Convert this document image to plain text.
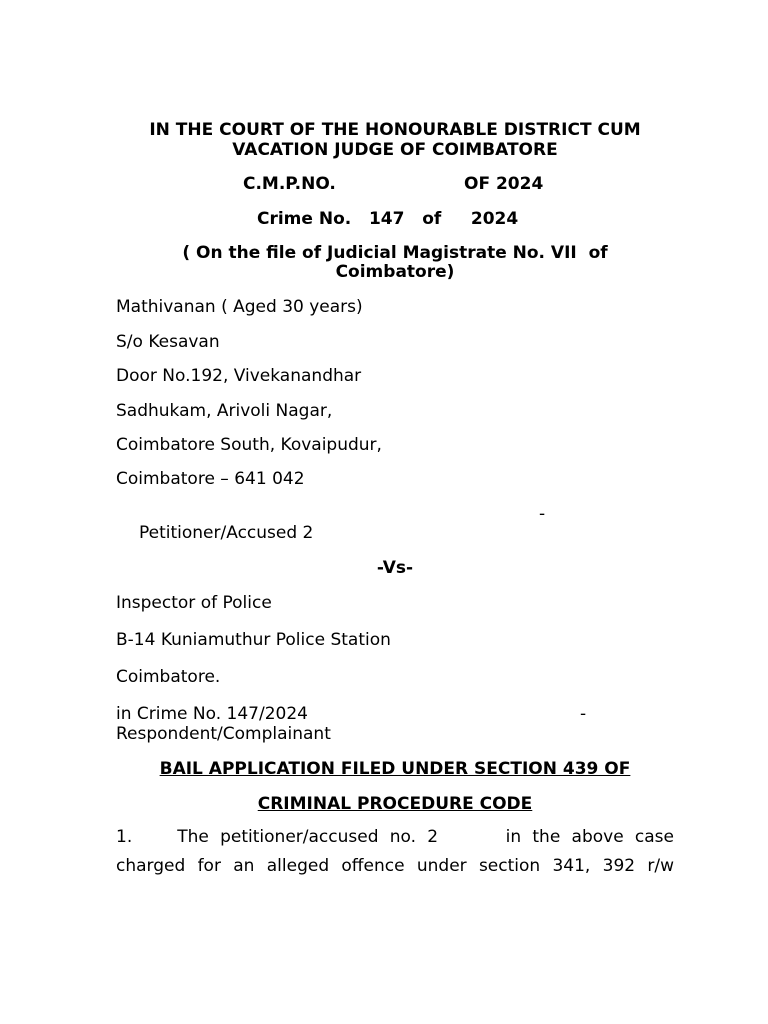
IN THE COURT OF THE HONOURABLE DISTRICT CUM
VACATION JUDGE OF COIMBATORE
C.M.P.NO.	OF 2024
Crime No.   147   of     2024
( On the file of Judicial Magistrate No. VII  of
Coimbatore)
Mathivanan ( Aged 30 years)
S/o Kesavan
Door No.192, Vivekanandhar
Sadhukam, Arivoli Nagar,
Coimbatore South, Kovaipudur,
Coimbatore – 641 042
-
Petitioner/Accused 2
-Vs-
Inspector of Police
B-14 Kuniamuthur Police Station
Coimbatore.
in Crime No. 147/2024	-
Respondent/Complainant
BAIL APPLICATION FILED UNDER SECTION 439 OF
CRIMINAL PROCEDURE CODE
1.    The petitioner/accused no. 2      in the above case
charged for an alleged offence under section 341, 392 r/w
